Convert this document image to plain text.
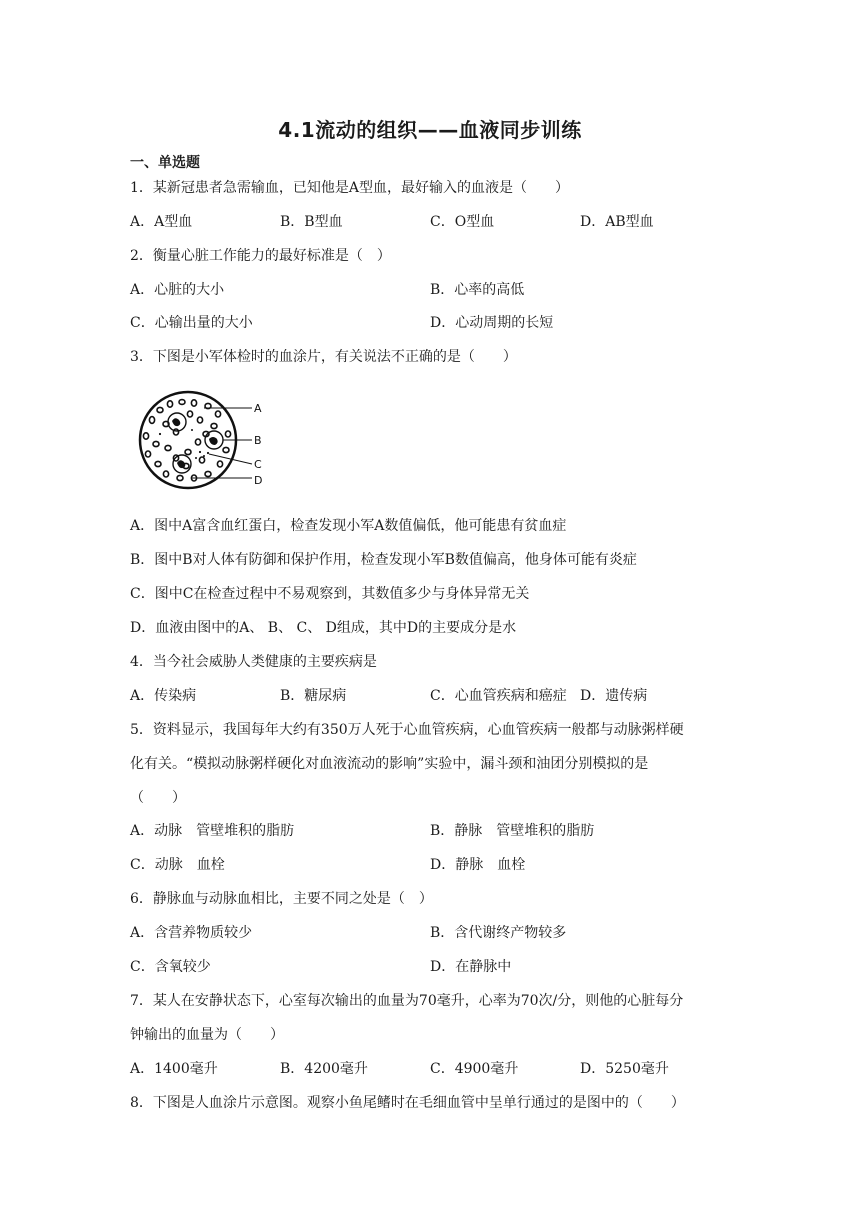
4.1流动的组织——血液同步训练
一、单选题
1．某新冠患者急需输血，已知他是A型血，最好输入的血液是（　　）
A．A型血	B．B型血	C．O型血	D．AB型血
2．衡量心脏工作能力的最好标准是（　）
A．心脏的大小	B．心率的高低
C．心输出量的大小	D．心动周期的长短
3．下图是小军体检时的血涂片，有关说法不正确的是（　　）
A
B
C
D
A．图中A富含血红蛋白，检查发现小军A数值偏低，他可能患有贫血症
B．图中B对人体有防御和保护作用，检查发现小军B数值偏高，他身体可能有炎症
C．图中C在检查过程中不易观察到，其数值多少与身体异常无关
D．血液由图中的A、 B、 C、 D组成，其中D的主要成分是水
4．当今社会威胁人类健康的主要疾病是
A．传染病	B．糖尿病	C．心血管疾病和癌症 D．遗传病
5．资料显示，我国每年大约有350万人死于心血管疾病，心血管疾病一般都与动脉粥样硬
化有关。“模拟动脉粥样硬化对血液流动的影响”实验中，漏斗颈和油团分别模拟的是
（　　）
A．动脉　管壁堆积的脂肪	B．静脉　管壁堆积的脂肪
C．动脉　血栓	D．静脉　血栓
6．静脉血与动脉血相比，主要不同之处是（　）
A．含营养物质较少	B．含代谢终产物较多
C．含氧较少	D．在静脉中
7．某人在安静状态下，心室每次输出的血量为70毫升，心率为70次/分，则他的心脏每分
钟输出的血量为（　　）
A．1400毫升	B．4200毫升	C．4900毫升	D．5250毫升
8．下图是人血涂片示意图。观察小鱼尾鳍时在毛细血管中呈单行通过的是图中的（　　）
